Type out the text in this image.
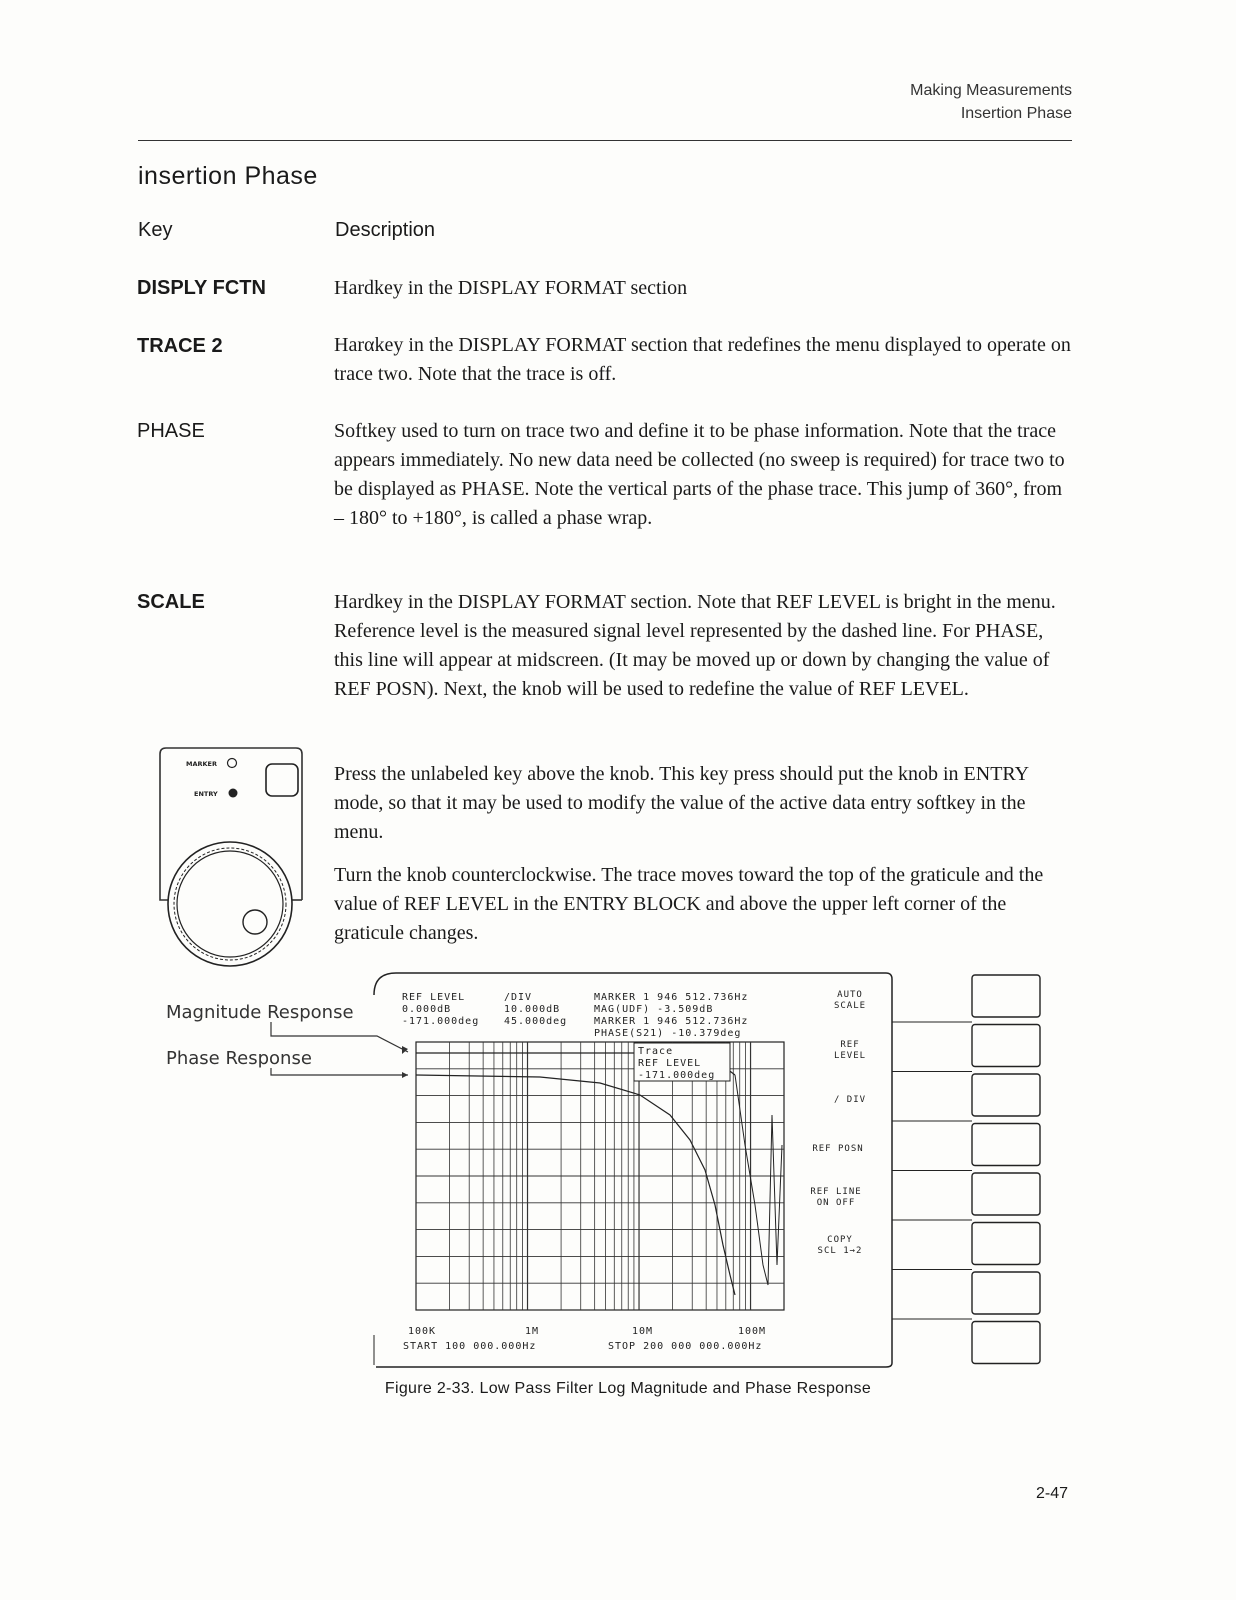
Making Measurements
Insertion Phase
insertion Phase
Key	Description
DISPLY FCTN	Hardkey in the DISPLAY FORMAT section
TRACE 2	Harαkey in the DISPLAY FORMAT section that redefines the menu displayed to operate on trace two. Note that the trace is off.
PHASE	Softkey used to turn on trace two and define it to be phase information. Note that the trace appears immediately. No new data need be collected (no sweep is required) for trace two to be displayed as PHASE. Note the vertical parts of the phase trace. This jump of 360°, from – 180° to +180°, is called a phase wrap.
SCALE	Hardkey in the DISPLAY FORMAT section. Note that REF LEVEL is bright in the menu. Reference level is the measured signal level represented by the dashed line. For PHASE, this line will appear at midscreen. (It may be moved up or down by changing the value of REF POSN). Next, the knob will be used to redefine the value of REF LEVEL.
MARKER
ENTRY

Press the unlabeled key above the knob. This key press should put the knob in ENTRY mode, so that it may be used to modify the value of the active data entry softkey in the menu.

Turn the knob counterclockwise. The trace moves toward the top of the graticule and the value of REF LEVEL in the ENTRY BLOCK and above the upper left corner of the graticule changes.

Magnitude Response
Phase Response
REF LEVEL	/DIV
0.000dB	10.000dB
-171.000deg 45.000deg
MARKER 1 946 512.736Hz
MAG(UDF) -3.509dB
MARKER 1 946 512.736Hz
PHASE(S21) -10.379deg
Trace
REF LEVEL
-171.000deg
100K	1M	10M	100M
START 100 000.000Hz	STOP 200 000 000.000Hz
AUTO
SCALE
REF
LEVEL
/ DIV
REF POSN
REF LINE
ON OFF
COPY
SCL 1→2
Figure 2-33. Low Pass Filter Log Magnitude and Phase Response
2-47
